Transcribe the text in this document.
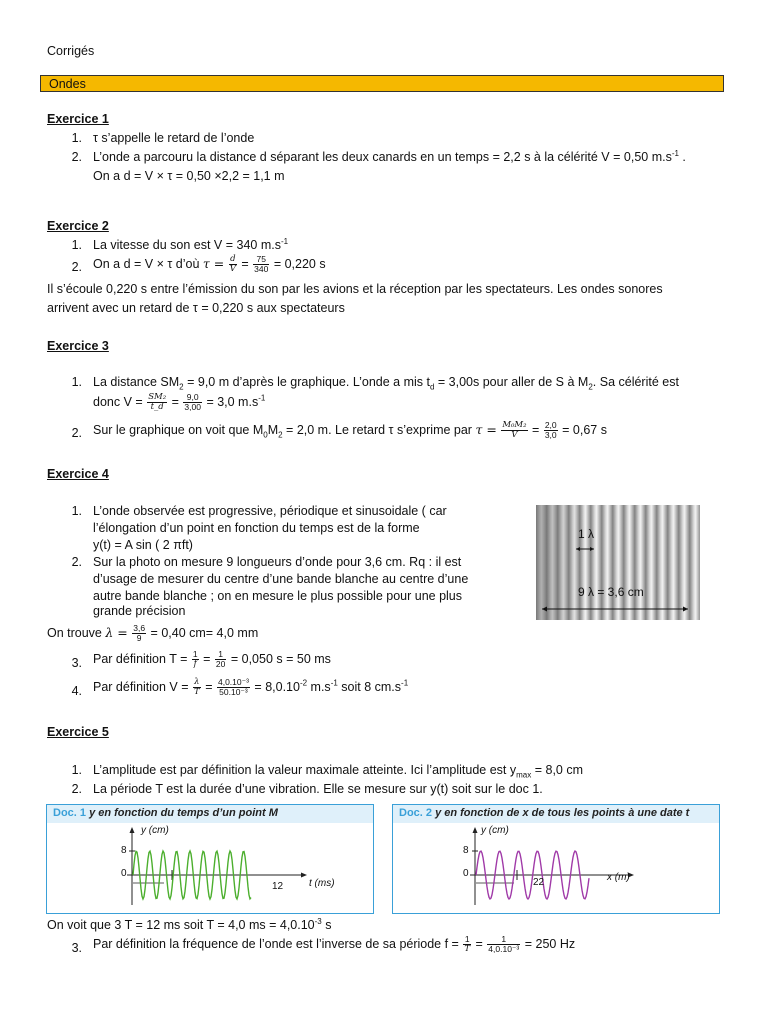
Corrigés
Ondes
Exercice 1
1. τ s’appelle le retard de l’onde
2. L’onde a parcouru la distance d séparant les deux canards en un temps = 2,2 s à la célérité V = 0,50 $m.s^{-1}$ .
On a d = V × τ = 0,50 ×2,2 = 1,1 m
Exercice 2
1. La vitesse du son est V = 340 $m.s^{-1}$
2. On a d = V × τ d’où $\tau = \frac{d}{V} = \frac{75}{340} = 0,220$ s
Il s’écoule 0,220 s entre l’émission du son par les avions et la réception par les spectateurs. Les ondes sonores
arrivent avec un retard de τ = 0,220 s aux spectateurs
Exercice 3
1. La distance $SM_2 = 9,0$ m d’après le graphique. L’onde a mis $t_d = 3,00s$ pour aller de S à $M_2$. Sa célérité est
donc $V = \frac{\text{SM₂}}{t\_d} = \frac{9,0}{3,00} = 3,0$ $m.s^{-1}$
2. Sur le graphique on voit que $M_0M_2 = 2,0$ m. Le retard τ s’exprime par $\tau = \frac{\text{M₀M₂}}{V} = \frac{2,0}{3,0} = 0,67$ s
Exercice 4
1. L’onde observée est progressive, périodique et sinusoidale ( car
l’élongation d’un point en fonction du temps est de la forme
y(t) = A sin ( 2 πft)
2. Sur la photo on mesure 9 longueurs d’onde pour 3,6 cm. Rq : il est
d’usage de mesurer du centre d’une bande blanche au centre d’une
autre bande blanche ; on en mesure le plus possible pour une plus
grande précision
On trouve $\lambda = \frac{3,6}{9} = 0,40$ cm= 4,0 mm
3. Par définition $T = \frac{1}{f} = \frac{1}{20} = 0,050$ s = 50 ms
4. Par définition $V = \frac{\lambda}{T} = \frac{\text{4,0.10⁻³}}{\text{50.10⁻³}} = 8,0.10^{-2}$ $m.s^{-1}$ soit 8 $cm.s^{-1}$
1 λ
9 λ = 3,6 cm
Exercice 5
1. L’amplitude est par définition la valeur maximale atteinte. Ici l’amplitude est $y_{max} = 8,0$ cm
2. La période T est la durée d’une vibration. Elle se mesure sur y(t) soit sur le doc 1.
Doc. 1 y en fonction du temps d’un point M
y (cm)
t (ms)
8
0
12
Doc. 2 y en fonction de x de tous les points à une date t
y (cm)
x (m)
8
0
22
On voit que 3 T = 12 ms soit T = 4,0 ms = $4,0.10^{-3}$ s
3. Par définition la fréquence de l’onde est l’inverse de sa période $f = \frac{1}{T} = \frac{1}{\text{4,0.10⁻³}} = 250$ Hz
